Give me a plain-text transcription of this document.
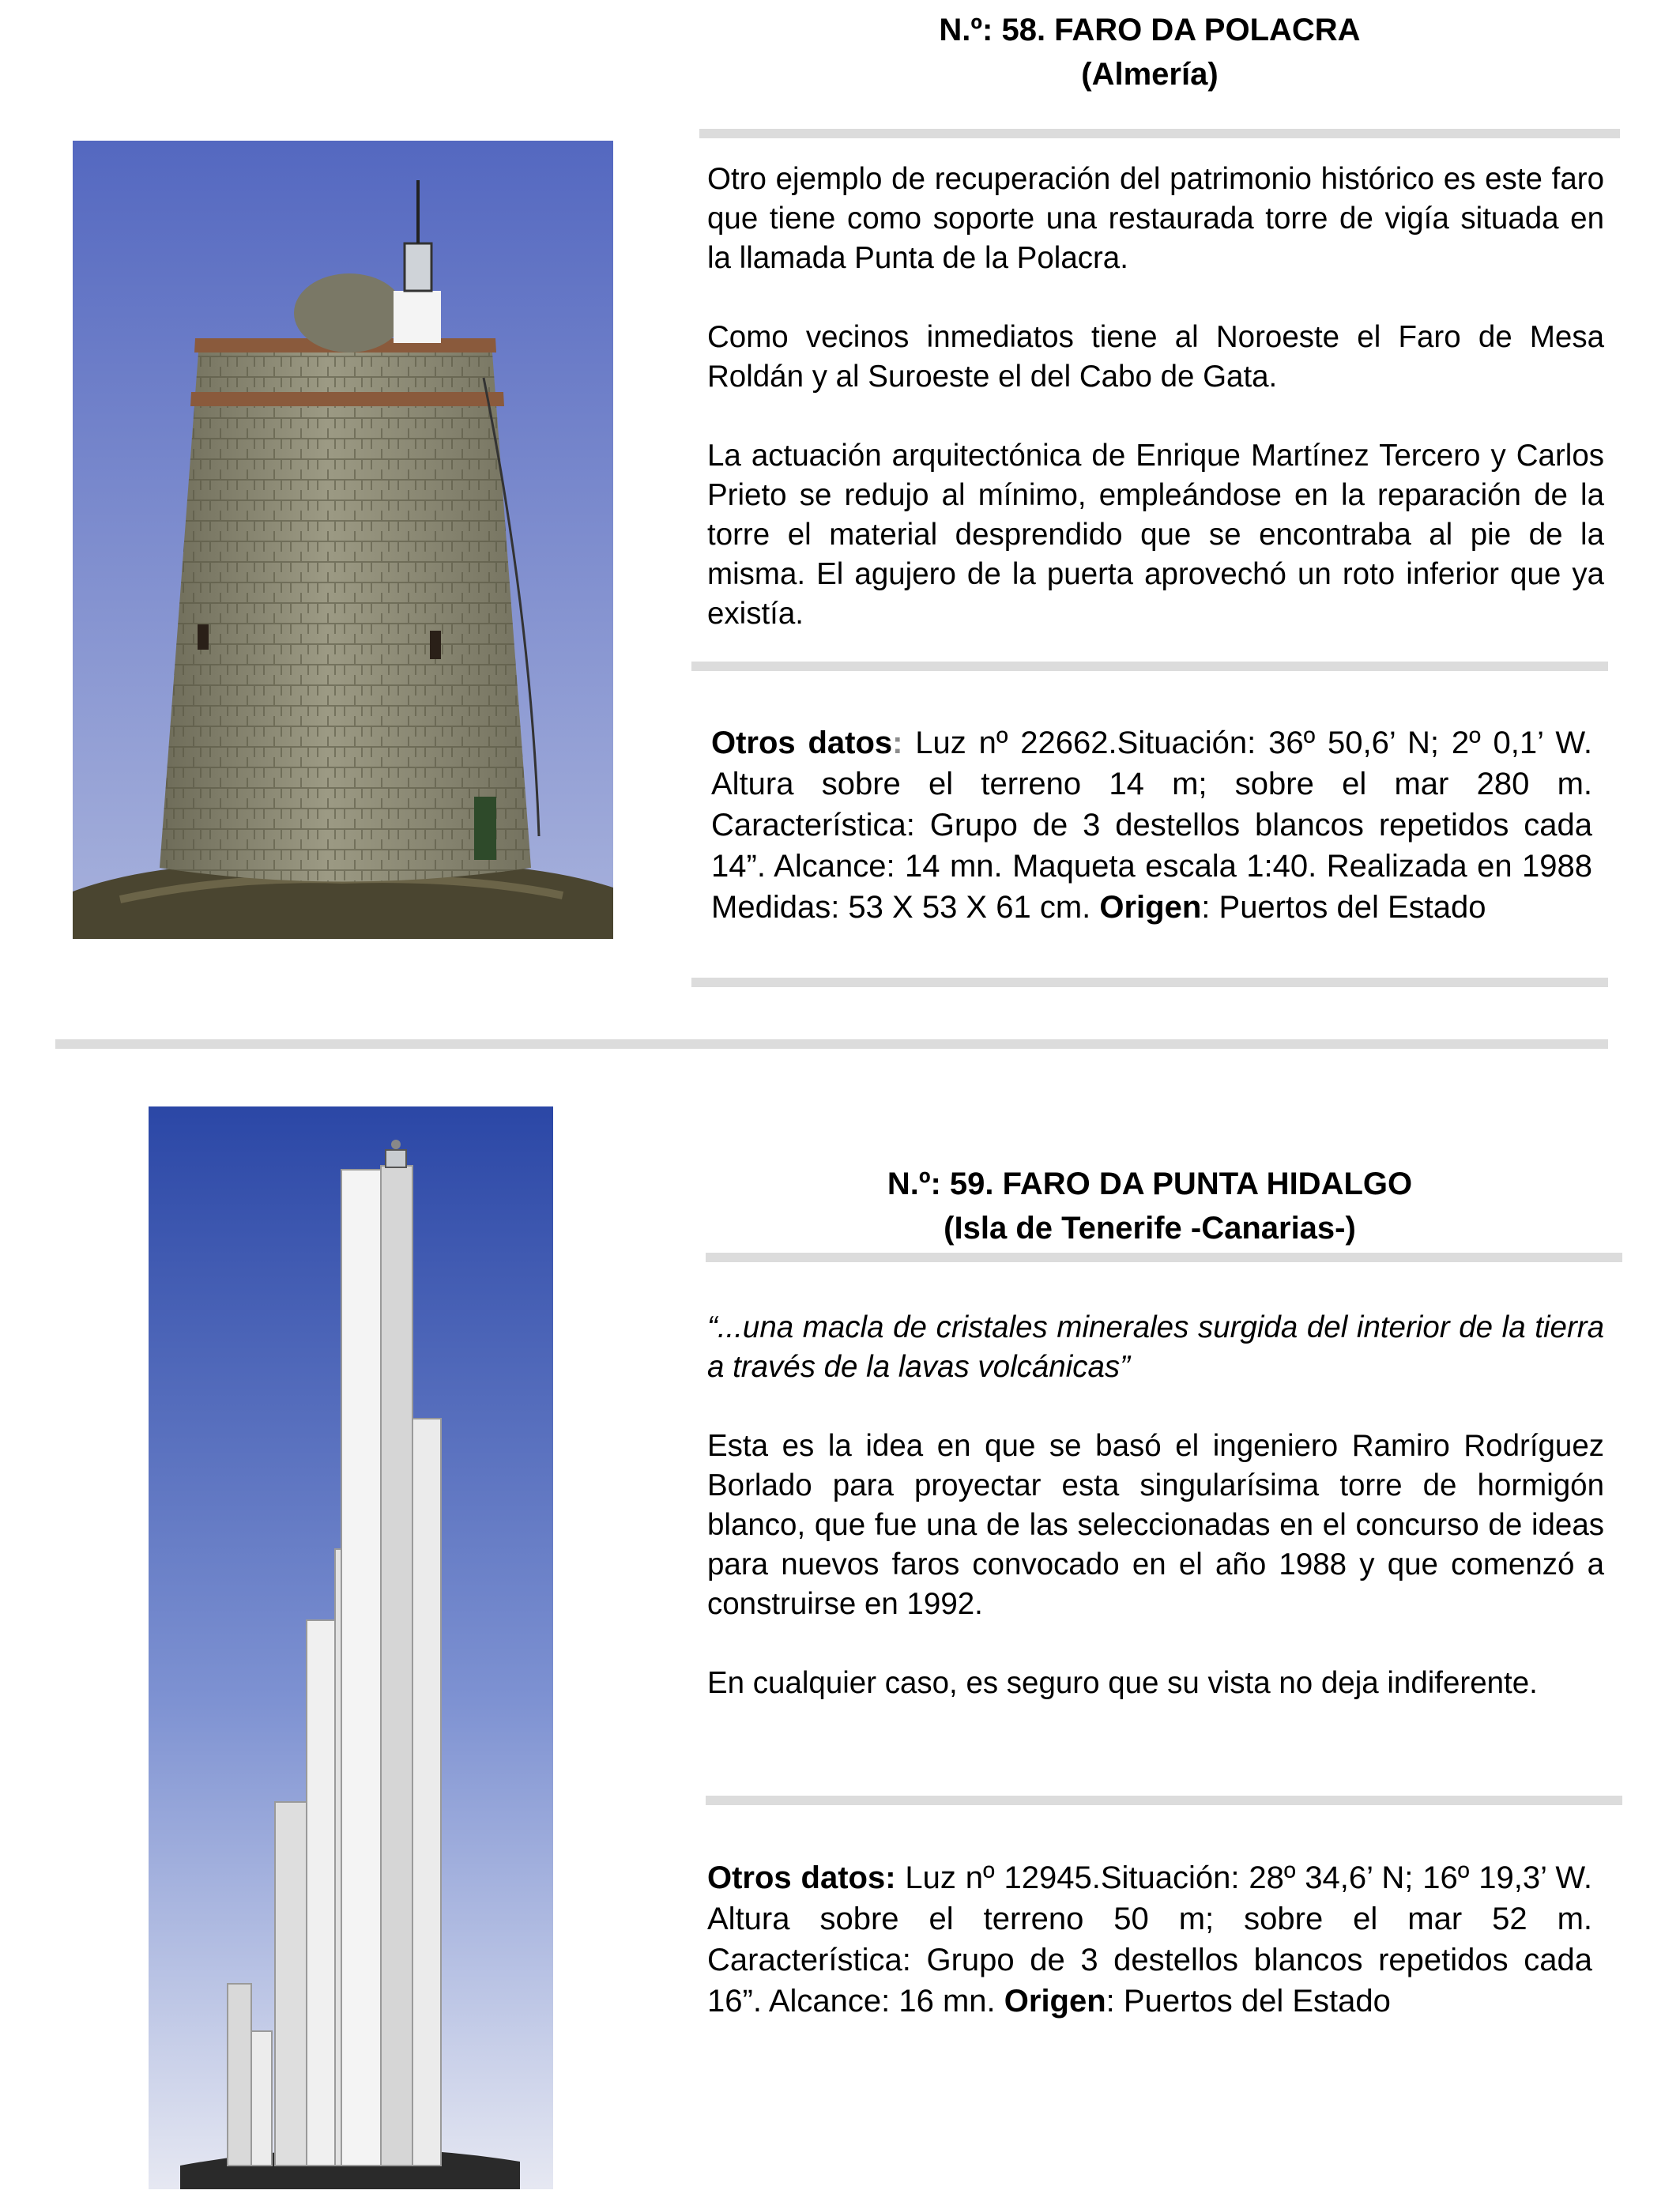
N.º: 58. FARO DA POLACRA
(Almería)

Otro ejemplo de recuperación del patrimonio histórico es este faro que tiene como soporte una restaurada torre de vigía situada en la llamada Punta de la Polacra.

Como vecinos inmediatos tiene al Noroeste el Faro de Mesa Roldán y al Suroeste el del Cabo de Gata.

La actuación arquitectónica de Enrique Martínez Tercero y Carlos Prieto se redujo al mínimo, empleándose en la reparación de la torre el material desprendido que se encontraba al pie de la misma. El agujero de la puerta aprovechó un roto inferior que ya existía.

Otros datos: Luz nº 22662.Situación: 36º 50,6’ N; 2º 0,1’ W. Altura sobre el terreno 14 m; sobre el mar 280 m. Característica: Grupo de 3 destellos blancos repetidos cada 14”. Alcance: 14 mn. Maqueta escala 1:40. Realizada en 1988 Medidas: 53 X 53 X 61 cm. Origen: Puertos del Estado

N.º: 59. FARO DA PUNTA HIDALGO
(Isla de Tenerife -Canarias-)

“...una macla de cristales minerales surgida del interior de la tierra a través de la lavas volcánicas”

Esta es la idea en que se basó el ingeniero Ramiro Rodríguez Borlado para proyectar esta singularísima torre de hormigón blanco, que fue una de las seleccionadas en el concurso de ideas para nuevos faros convocado en el año 1988 y que comenzó a construirse en 1992.

En cualquier caso, es seguro que su vista no deja indiferente.

Otros datos: Luz nº 12945.Situación: 28º 34,6’ N; 16º 19,3’ W. Altura sobre el terreno 50 m; sobre el mar 52 m. Característica: Grupo de 3 destellos blancos repetidos cada 16”. Alcance: 16 mn. Origen: Puertos del Estado
